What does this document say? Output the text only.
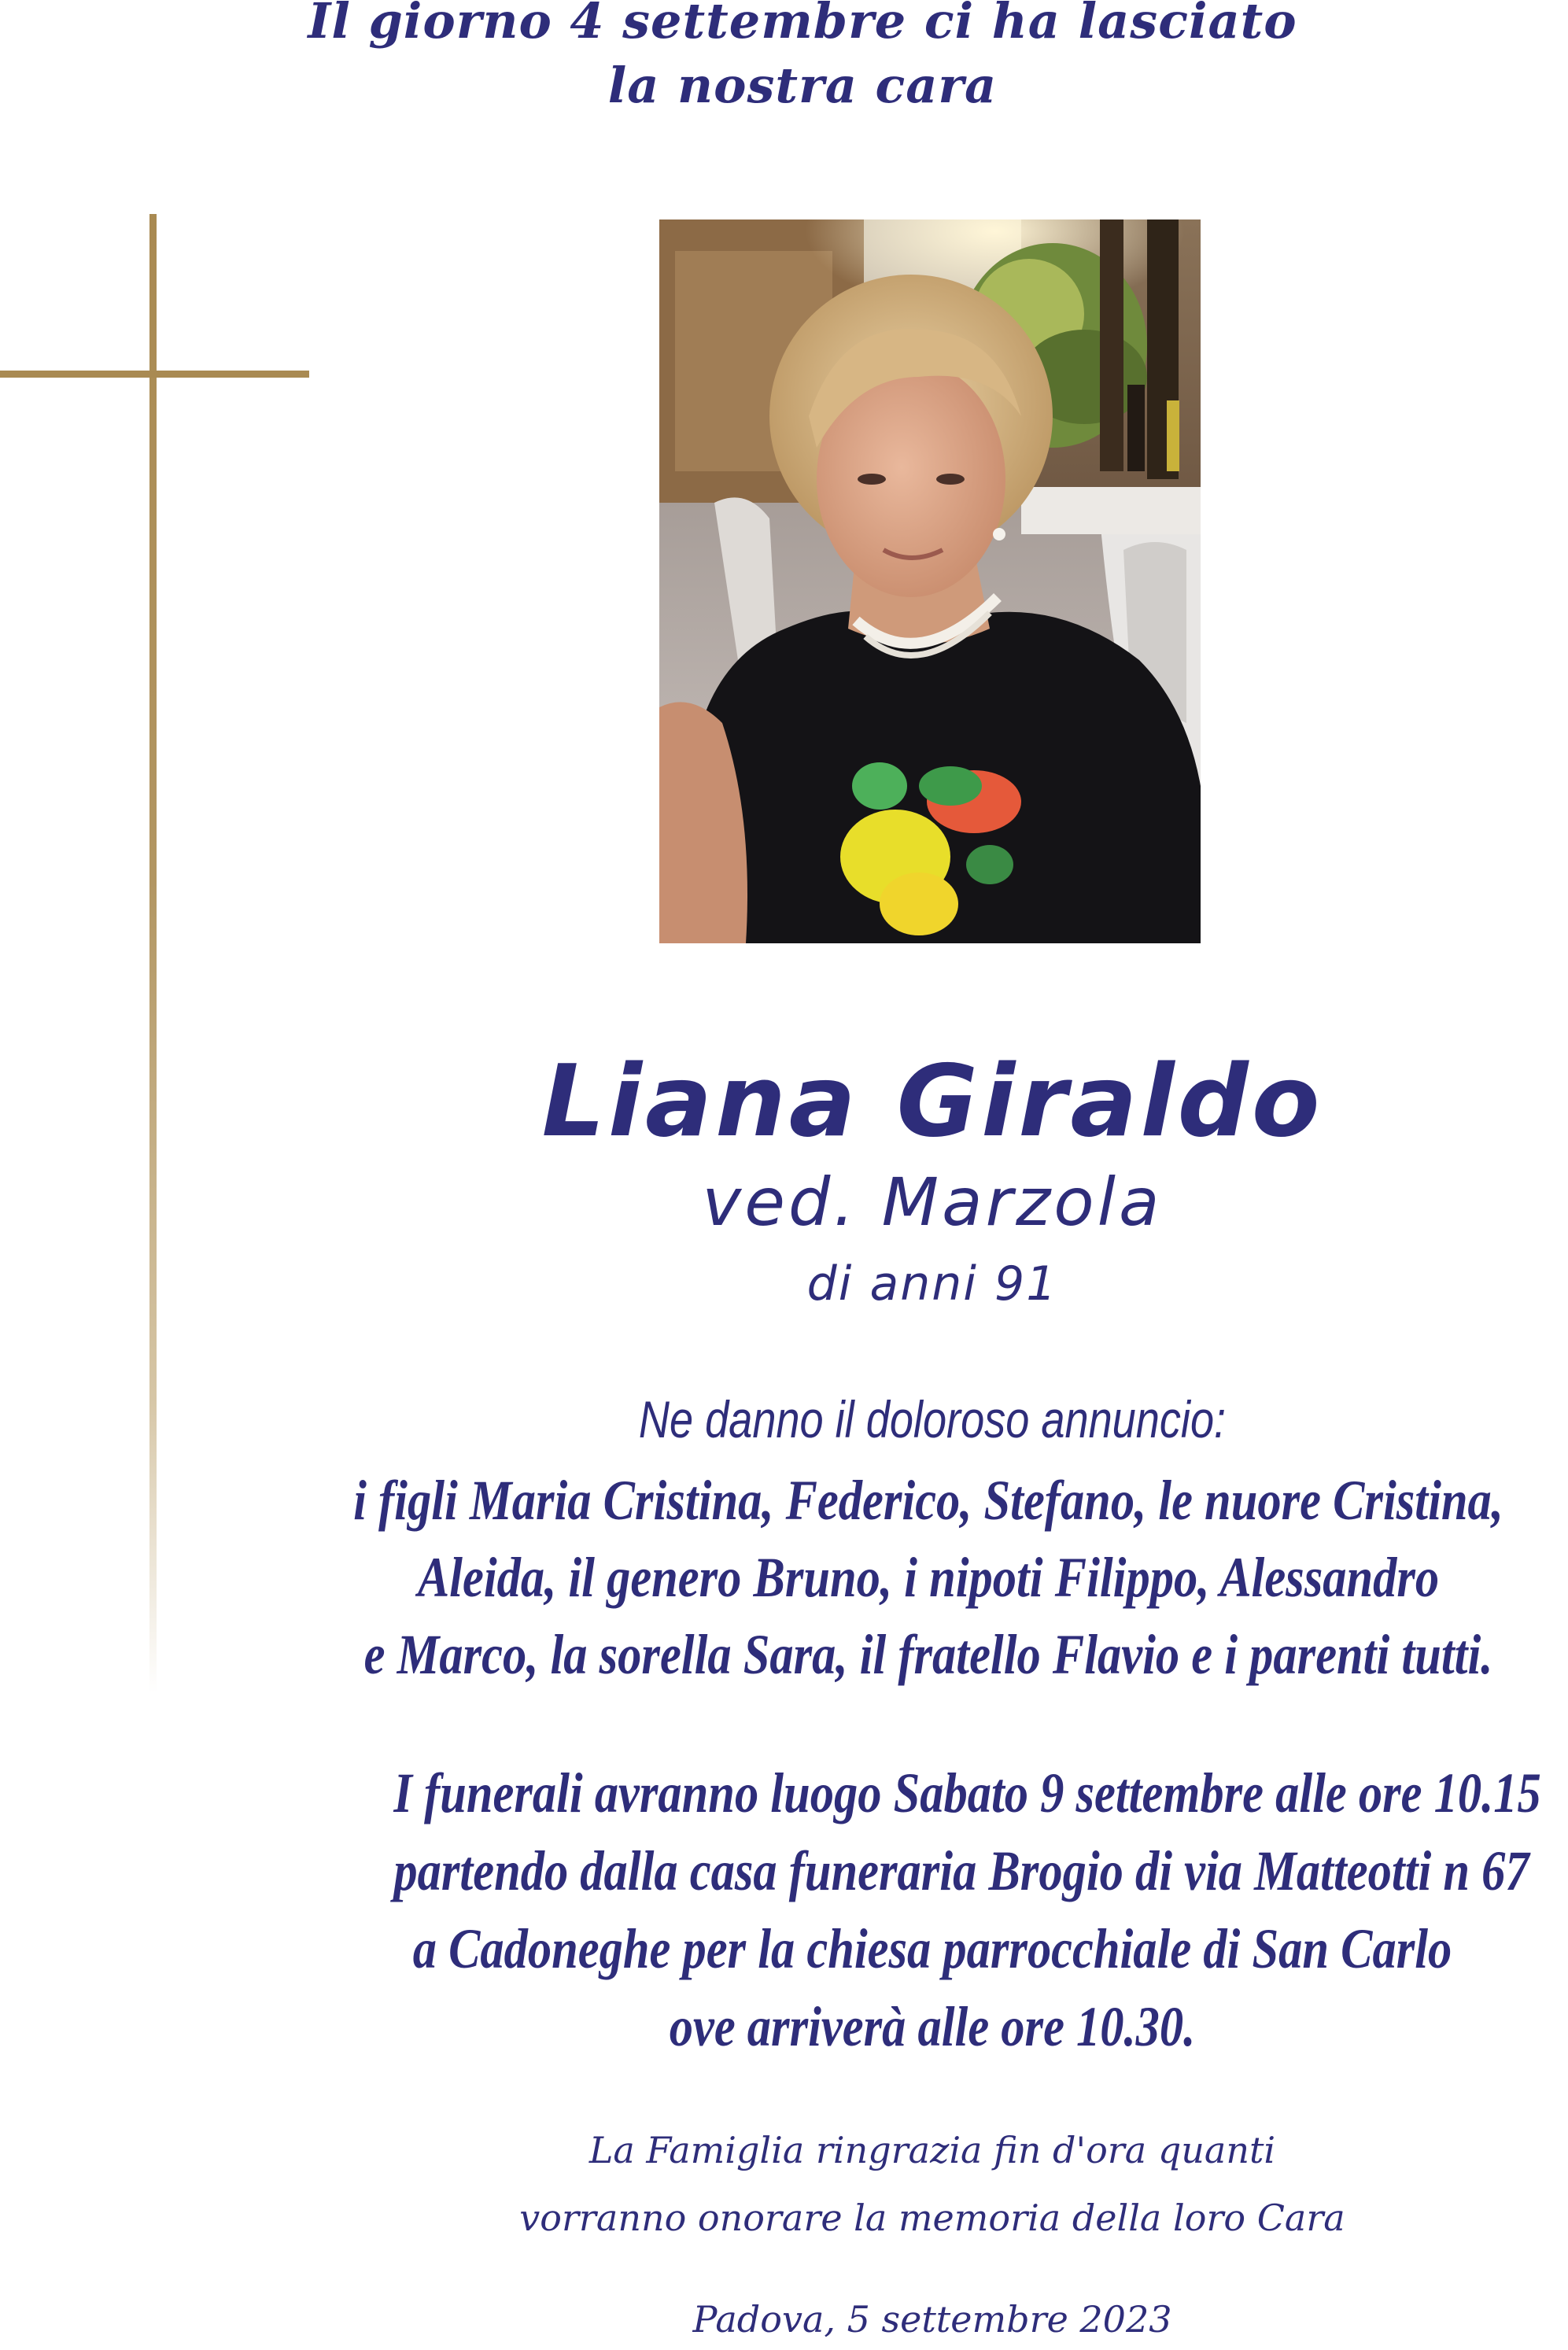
Il giorno 4 settembre ci ha lasciato

la nostra cara

Liana Giraldo

ved. Marzola
di anni 91
Ne danno il doloroso annuncio:
i figli Maria Cristina, Federico, Stefano, le nuore Cristina,
Aleida, il genero Bruno, i nipoti Filippo, Alessandro
e Marco, la sorella Sara, il fratello Flavio e i parenti tutti.
I funerali avranno luogo Sabato 9 settembre alle ore 10.15
partendo dalla casa funeraria Brogio di via Matteotti n 67
a Cadoneghe per la chiesa parrocchiale di San Carlo
ove arriverà alle ore 10.30.
La Famiglia ringrazia fin d'ora quanti
vorranno onorare la memoria della loro Cara
Padova, 5 settembre 2023
